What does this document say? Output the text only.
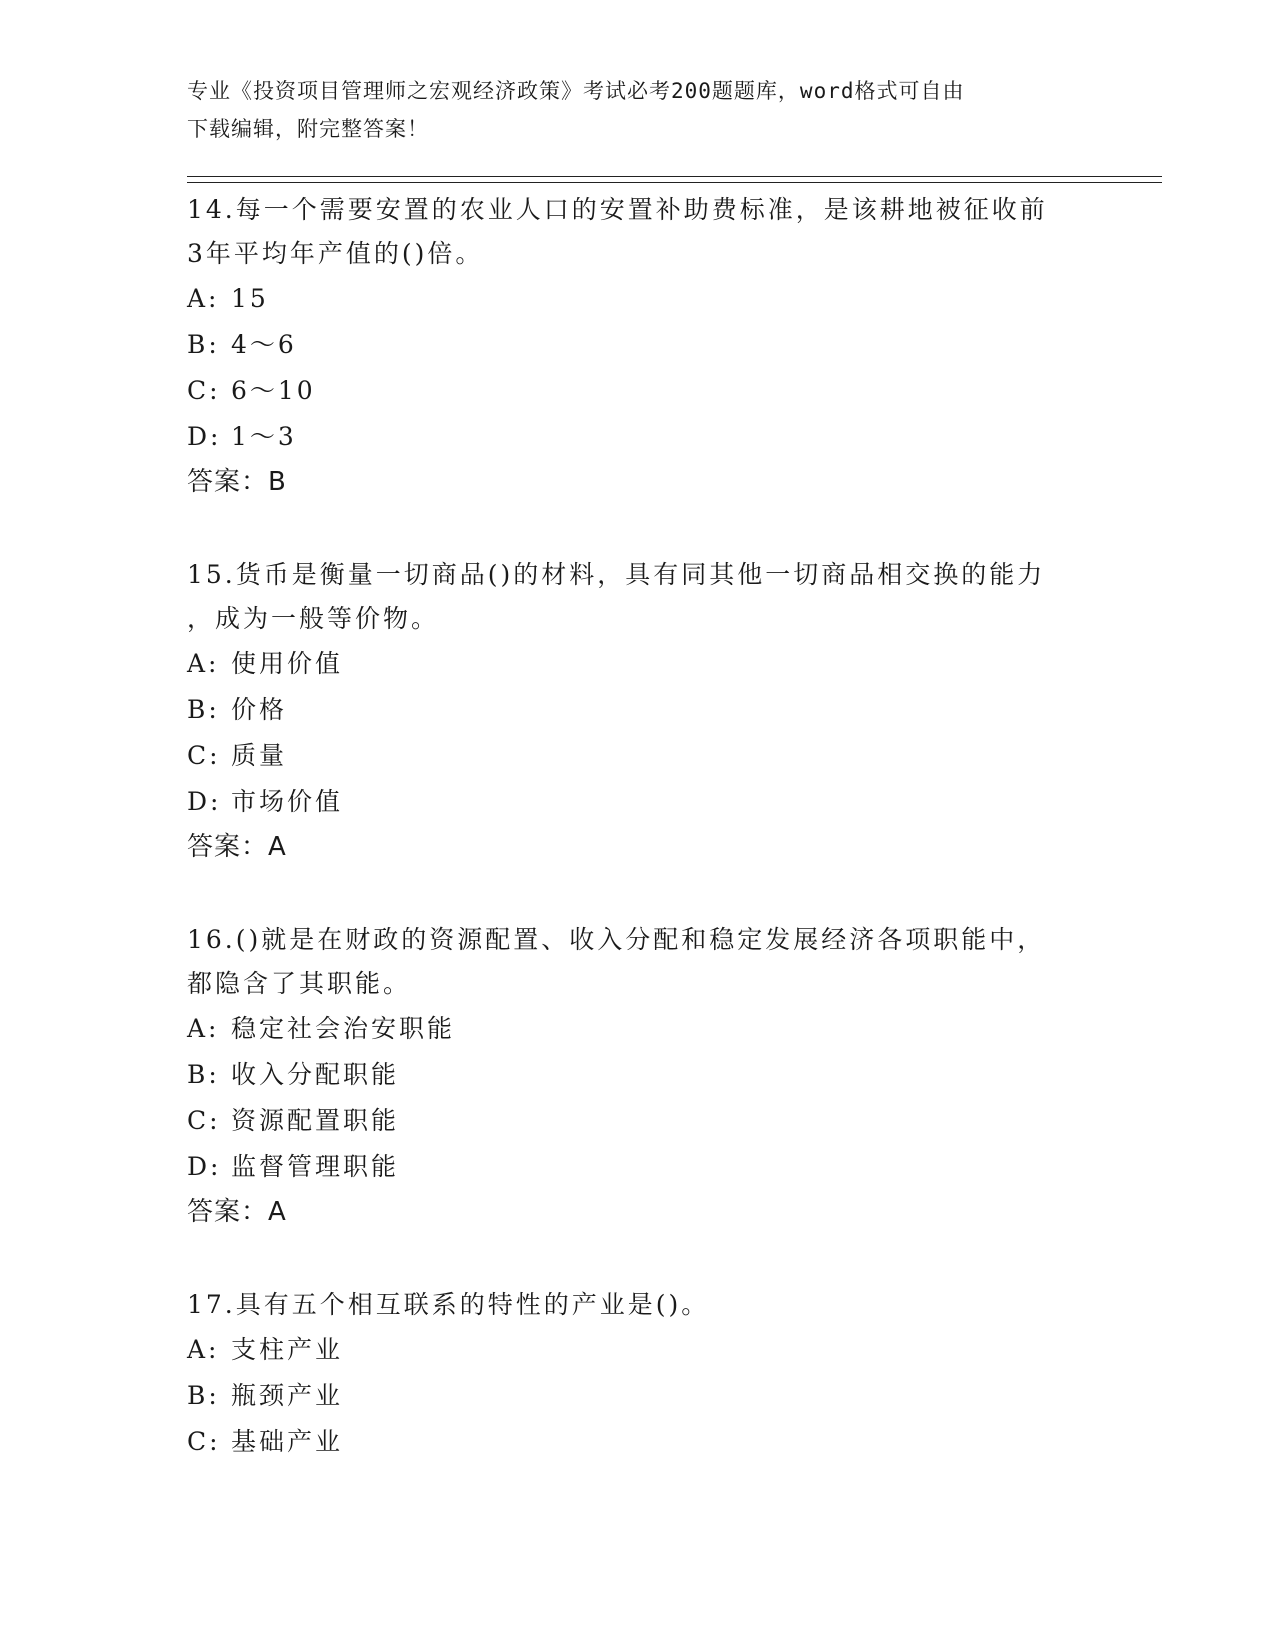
专业《投资项目管理师之宏观经济政策》考试必考200题题库，word格式可自由
下载编辑，附完整答案！
14.每一个需要安置的农业人口的安置补助费标准，是该耕地被征收前
3年平均年产值的()倍。
A: 15
B: 4～6
C: 6～10
D: 1～3
答案：B
15.货币是衡量一切商品()的材料，具有同其他一切商品相交换的能力
，成为一般等价物。
A: 使用价值
B: 价格
C: 质量
D: 市场价值
答案：A
16.()就是在财政的资源配置、收入分配和稳定发展经济各项职能中，
都隐含了其职能。
A: 稳定社会治安职能
B: 收入分配职能
C: 资源配置职能
D: 监督管理职能
答案：A
17.具有五个相互联系的特性的产业是()。
A: 支柱产业
B: 瓶颈产业
C: 基础产业
